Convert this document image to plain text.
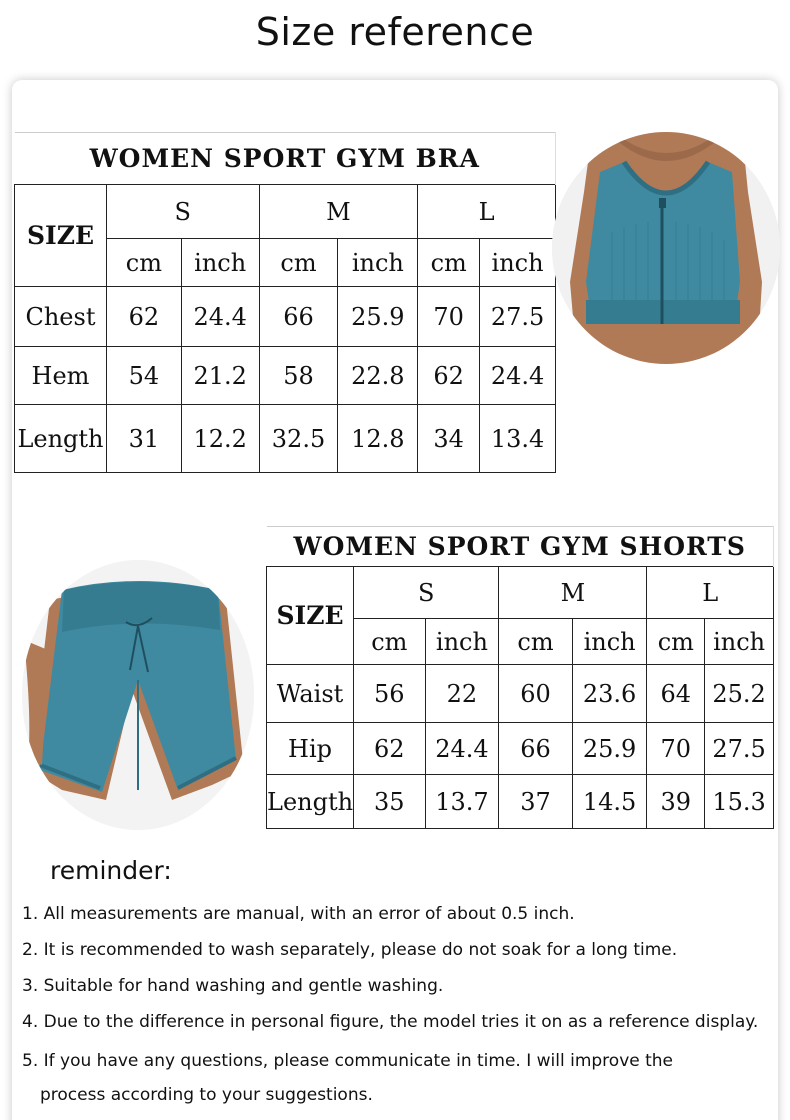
Size reference
WOMEN SPORT GYM BRA						
SIZE	S		M		L	
	cm	inch	cm	inch	cm	inch
Chest	62	24.4	66	25.9	70	27.5
Hem	54	21.2	58	22.8	62	24.4
Length	31	12.2	32.5	12.8	34	13.4
WOMEN SPORT GYM SHORTS						
SIZE	S		M		L	
	cm	inch	cm	inch	cm	inch
Waist	56	22	60	23.6	64	25.2
Hip	62	24.4	66	25.9	70	27.5
Length	35	13.7	37	14.5	39	15.3
reminder:
1. All measurements are manual, with an error of about 0.5 inch.
2. It is recommended to wash separately, please do not soak for a long time.
3. Suitable for hand washing and gentle washing.
4. Due to the difference in personal figure, the model tries it on as a reference display.
5. If you have any questions, please communicate in time. I will improve the
process according to your suggestions.
